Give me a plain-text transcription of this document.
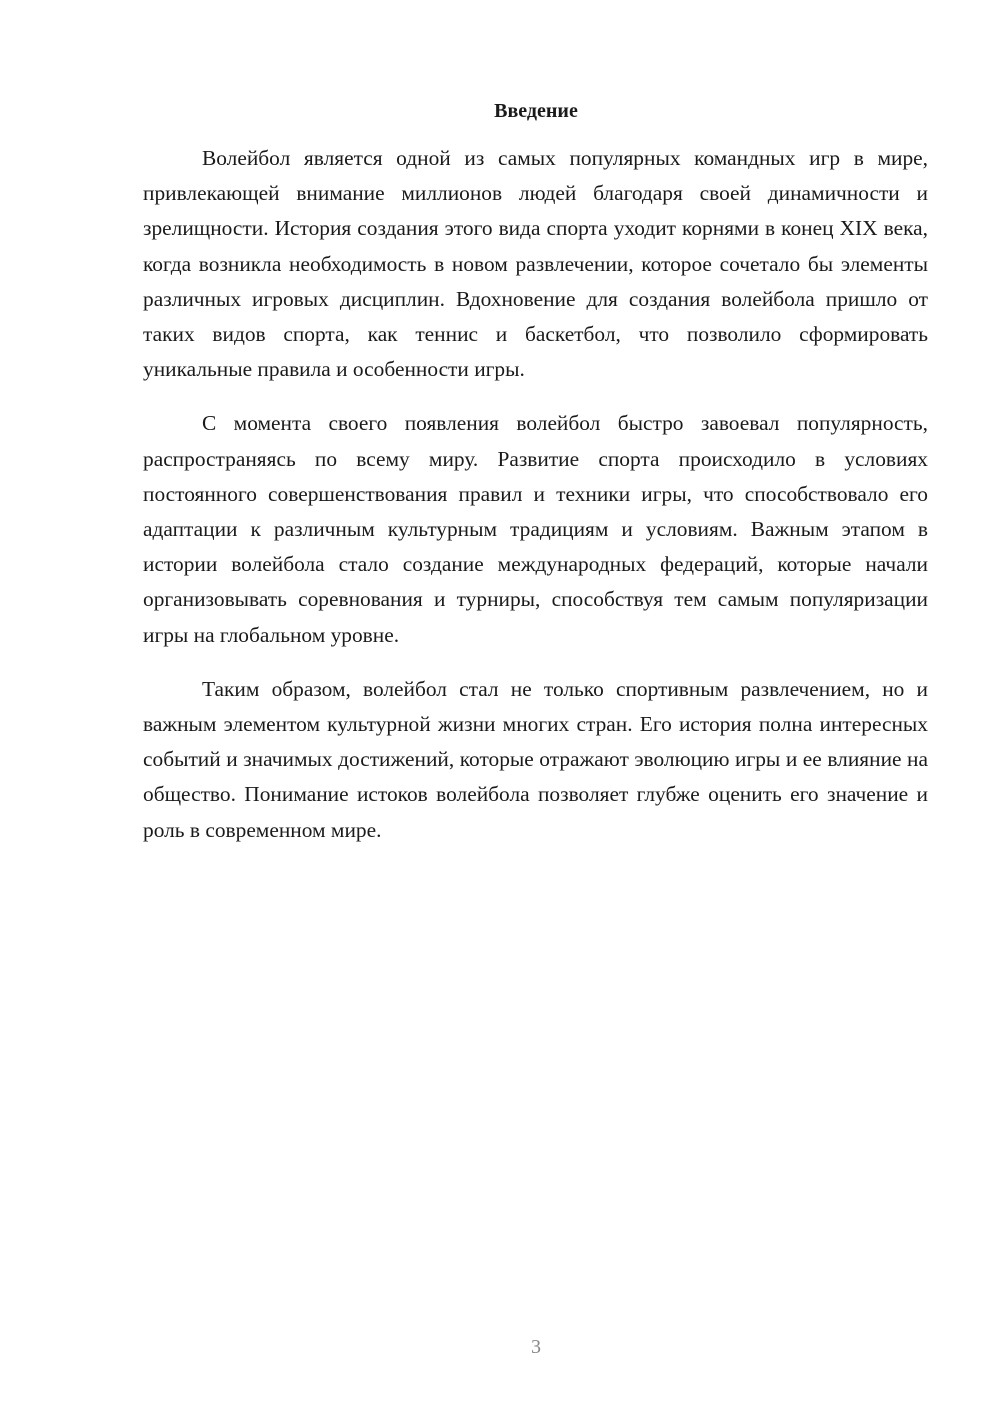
Введение

Волейбол является одной из самых популярных командных игр в мире, привлекающей внимание миллионов людей благодаря своей динамичности и зрелищности. История создания этого вида спорта уходит корнями в конец XIX века, когда возникла необходимость в новом развлечении, которое сочетало бы элементы различных игровых дисциплин. Вдохновение для создания волейбола пришло от таких видов спорта, как теннис и баскетбол, что позволило сформировать уникальные правила и особенности игры.

С момента своего появления волейбол быстро завоевал популярность, распространяясь по всему миру. Развитие спорта происходило в условиях постоянного совершенствования правил и техники игры, что способствовало его адаптации к различным культурным традициям и условиям. Важным этапом в истории волейбола стало создание международных федераций, которые начали организовывать соревнования и турниры, способствуя тем самым популяризации игры на глобальном уровне.

Таким образом, волейбол стал не только спортивным развлечением, но и важным элементом культурной жизни многих стран. Его история полна интересных событий и значимых достижений, которые отражают эволюцию игры и ее влияние на общество. Понимание истоков волейбола позволяет глубже оценить его значение и роль в современном мире.

3
